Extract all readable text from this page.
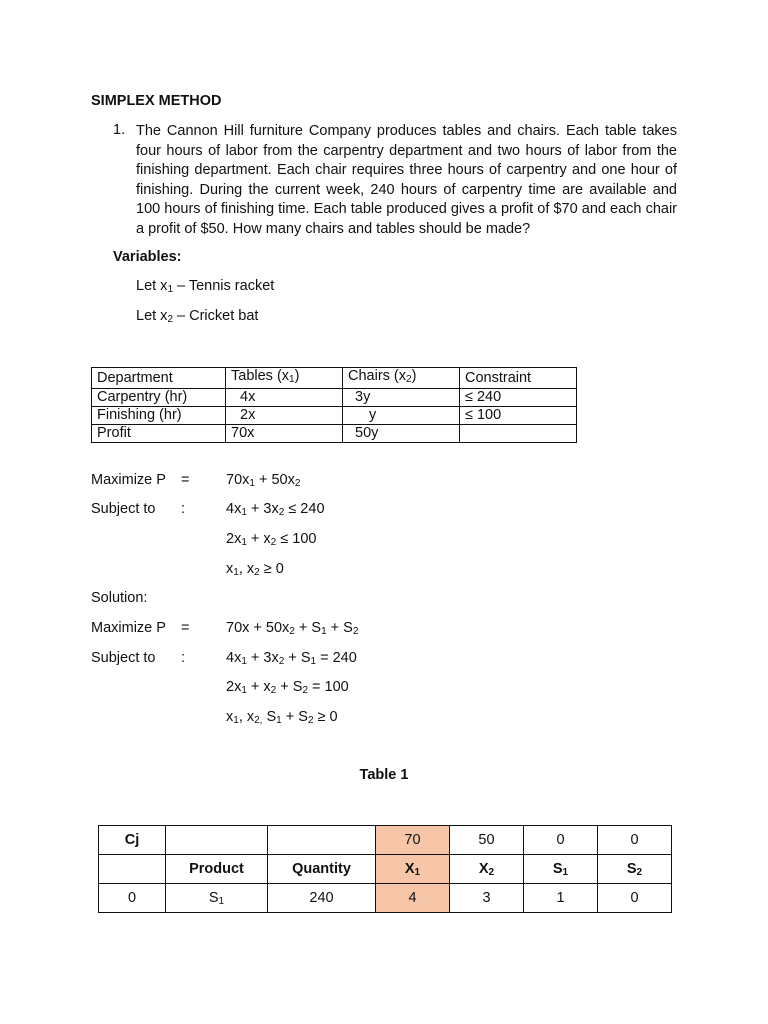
SIMPLEX METHOD
1. The Cannon Hill furniture Company produces tables and chairs. Each table takes four hours of labor from the carpentry department and two hours of labor from the finishing department. Each chair requires three hours of carpentry and one hour of finishing. During the current week, 240 hours of carpentry time are available and 100 hours of finishing time. Each table produced gives a profit of $70 and each chair a profit of $50. How many chairs and tables should be made?
Variables:
Let $x_1$ – Tennis racket
Let $x_2$ – Cricket bat
Department	Tables $(x_1)$	Chairs $(x_2)$	Constraint
Carpentry (hr)	4x	3y	≤ 240
Finishing (hr)	2x	y	≤ 100
Profit	70x	50y	
Maximize P =	$70x_1 + 50x_2$
Subject to :	$4x_1 + 3x_2 \le 240$
$2x_1 + x_2 \le 100$
$x_1$, $x_2 \ge 0$
Solution:
Maximize P =	$70x + 50x_2 + S_1 + S_2$
Subject to :	$4x_1 + 3x_2 + S_1 = 240$
$2x_1 + x_2 + S_2 = 100$
$x_1$, $x_{2,}$ $S_1 + S_2 \ge 0$
Table 1
Cj			70	50	0	0
	Product	Quantity	$X_1$	$X_2$	$S_1$	$S_2$
0	$S_1$	240	4	3	1	0
